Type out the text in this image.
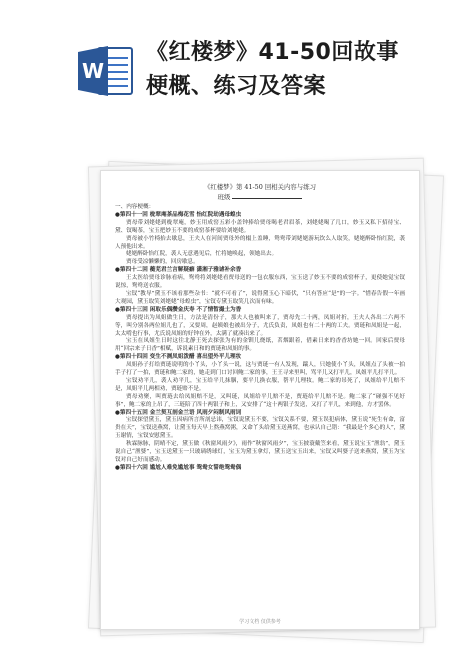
W
《红楼梦》41-50回故事
梗概、练习及答案
《红楼梦》第 41-50 回相关内容与练习
班级

一、内容梗概：

●第四十一回 栊翠庵茶品梅花雪 怡红院劫遇母蝗虫

贾母带刘姥姥到栊翠庵，妙玉用成窑五彩小盖钟捧给贾母喝老君眉茶，刘姥姥喝了几口，妙玉又私下招待宝、黛、钗喝茶，宝玉把妙玉不要的成窑茶杯要给刘姥姥。

贾母被小竹椅抬去歇息，王夫人在河间贾母外的榻上盖睡，鸳鸯带刘姥姥游玩饮么人取笑，姥姥醉卧怡红院，袭人预他出来。

姥姥醉卧怡红院，袭人无意遇见后，忙将她唤起，领她出去。

贾母受凉懒懒的，回房歇息。

●第四十二回 蘅芜君兰言解疑癖 潇湘子雅谑补余香

王太医给贾母诊脉看病，鸳鸯将刘姥姥看贾母送的一包衣服东西，宝玉送了妙玉不要的成窑杯子，更使她觉宝钗说惊，鸳鸯送衣服。

宝钗“教导”黛玉不该看那些杂书：“就不可看了”，说得黛玉心下暗伏，“只有答应“是”的一字。“惜春告假一年画大观园，黛玉取笑刘姥姥“母蝗虫”，宝钗专黛玉取笑几次而有味。

●第四十三回 闲取乐偶攒金庆寿 不了情暂撮土为香

贾母提出为凤姐做生日，方法是清份子，那夫人也被叫来了，贾母先二十两，凤姐对折，王夫人各出二六两不等，叫分别各两位姐儿也了，又要周，赵姨娘也被出分子，尤氏负责，凤姐也有二十两的工夫。贾琏和凤姐是一起，太太啃也行事，尤氏说凤姐的好钟在外，太满了就凑出来了。

宝玉在凤姐生日时这往北静王死去探张为有的金钏儿烧纸，茗烟跟着，借素日来的香香坊她一回。回家后贾母用“回宗来子日香”相赋，诉说素日和的贾琏和凤姐的事。

●第四十四回 变生不测凤姐泼醋 喜出望外平儿理妆

凤姐孙子打给贾琏说明的小丫头，小丫头一说，这与贾琏一有人发现，踹人，只她使小丫头，凤姐点了头被一拍手子打了一拍，贾琏和鲍二家的，她走到门口讨回鲍二家的事，王王寻来里叫，骂平儿又打平儿，凤姐平儿打平儿。

宝钗劝平儿，袭人劝平儿，宝玉给平儿抹胭，要平儿换衣服，帮平儿理妆。鲍二家的吊死了，凤姐给平儿赔不是，凤姐平儿两相劝，贾琏赔不是。

贾母劝聚，叫贾琏去给凤姐赔不是，又叫琏，凤姐给平儿赔不是，贾琏给平儿赔不是。鲍二家了“碰强不见好事”，鲍二家的上吊了，三琏陪了四十两银子和上，又安排了“这十两银子发送，又打了平儿，来到他，方才罢休。

●第四十五回 金兰契互剖金兰语 风雨夕闷制风雨词

宝钗探望黛玉，黛玉因病所言所剖忌讳，宝钗说黛玉不要，宝钗关系不要，黛玉误犯病体，黛玉说“死生有命，富贵在天”，宝钗送燕窝，让黛玉每天早上熬燕窝粥，又命丫头给黛玉送燕窝，也承认自己错：“我最是个多心的人”，黛玉谢情，宝钗安慰黛玉。

秋霖脉脉，阴晴不定，黛玉做《秋窗风雨夕》，雨作“秋窗风雨夕”，宝玉披蓑戴笠来看，黛玉说宝玉“渔翁”，黛玉说自己“渔婆”，宝玉送黛玉一只玻璃绣球灯，宝玉为黛玉拿灯，黛玉送宝玉出来，宝钗又叫婆子送来燕窝，黛玉为宝钗对自己好而感动。

●第四十六回 尴尬人难免尴尬事 鸳鸯女誓绝鸳鸯偶

学习文档 仅供参考
